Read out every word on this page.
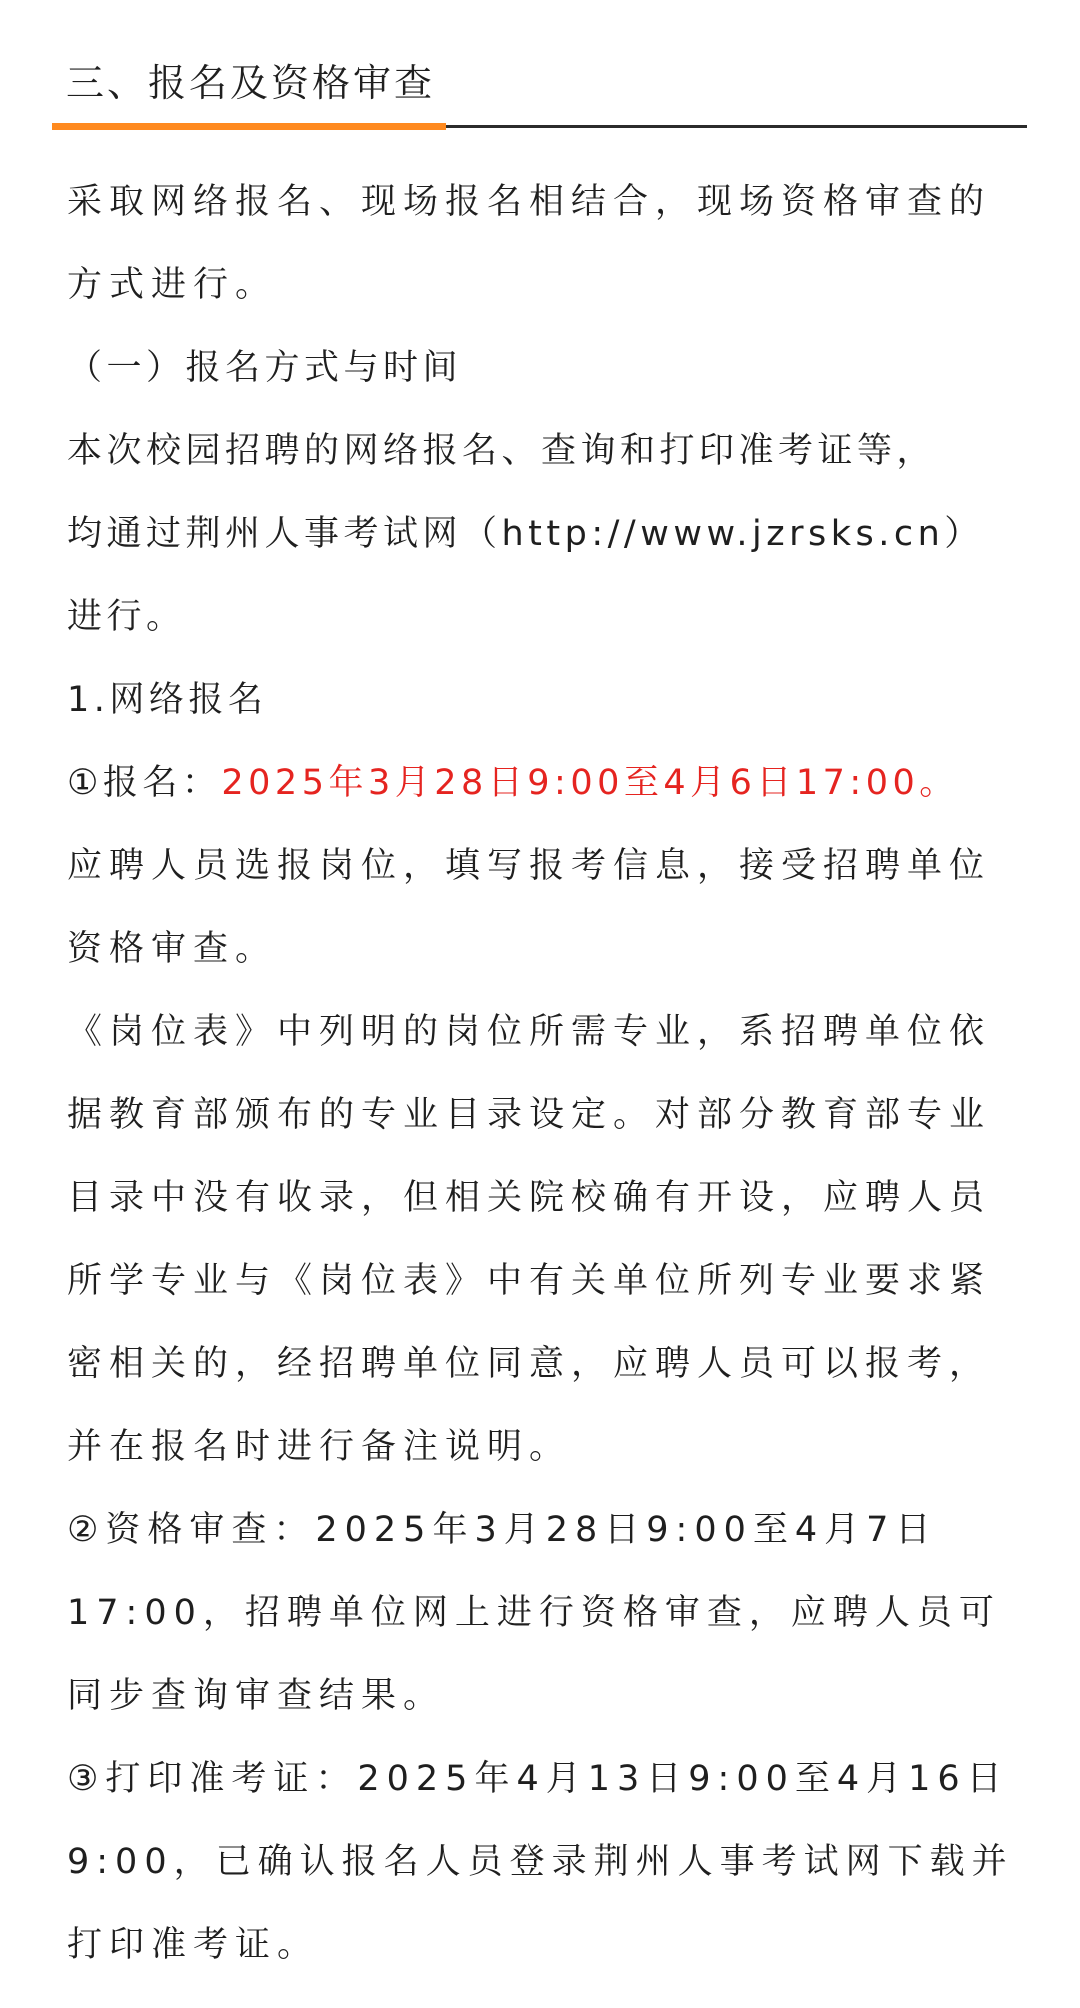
三、报名及资格审查
采取网络报名、现场报名相结合，现场资格审查的
方式进行。
（一）报名方式与时间
本次校园招聘的网络报名、查询和打印准考证等，
均通过荆州人事考试网（http://www.jzrsks.cn）
进行。
1.网络报名
①报名：2025年3月28日9:00至4月6日17:00。
应聘人员选报岗位，填写报考信息，接受招聘单位
资格审查。
《岗位表》中列明的岗位所需专业，系招聘单位依
据教育部颁布的专业目录设定。对部分教育部专业
目录中没有收录，但相关院校确有开设，应聘人员
所学专业与《岗位表》中有关单位所列专业要求紧
密相关的，经招聘单位同意，应聘人员可以报考，
并在报名时进行备注说明。
②资格审查：2025年3月28日9:00至4月7日
17:00，招聘单位网上进行资格审查，应聘人员可
同步查询审查结果。
③打印准考证：2025年4月13日9:00至4月16日
9:00，已确认报名人员登录荆州人事考试网下载并
打印准考证。
